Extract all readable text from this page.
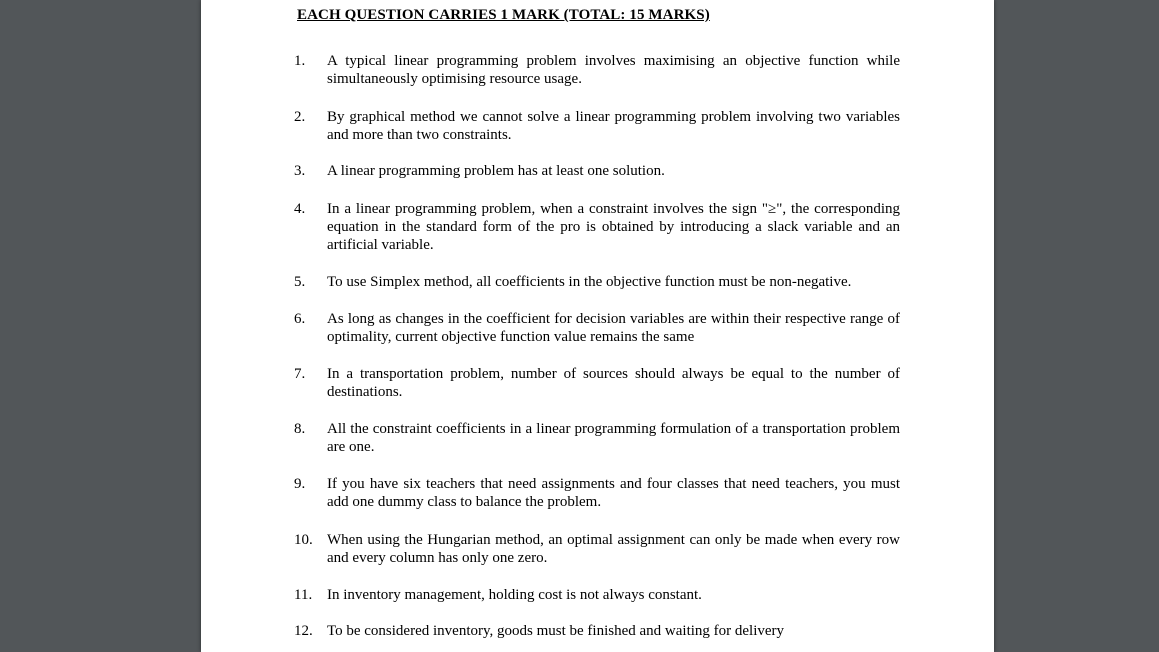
EACH QUESTION CARRIES 1 MARK (TOTAL: 15 MARKS)
1.	A typical linear programming problem involves maximising an objective function while simultaneously optimising resource usage.
2.	By graphical method we cannot solve a linear programming problem involving two variables and more than two constraints.
3.	A linear programming problem has at least one solution.
4.	In a linear programming problem, when a constraint involves the sign "≥", the corresponding equation in the standard form of the pro is obtained by introducing a slack variable and an artificial variable.
5.	To use Simplex method, all coefficients in the objective function must be non-negative.
6.	As long as changes in the coefficient for decision variables are within their respective range of optimality, current objective function value remains the same
7.	In a transportation problem, number of sources should always be equal to the number of destinations.
8.	All the constraint coefficients in a linear programming formulation of a transportation problem are one.
9.	If you have six teachers that need assignments and four classes that need teachers, you must add one dummy class to balance the problem.
10. When using the Hungarian method, an optimal assignment can only be made when every row and every column has only one zero.
11. In inventory management, holding cost is not always constant.
12. To be considered inventory, goods must be finished and waiting for delivery
